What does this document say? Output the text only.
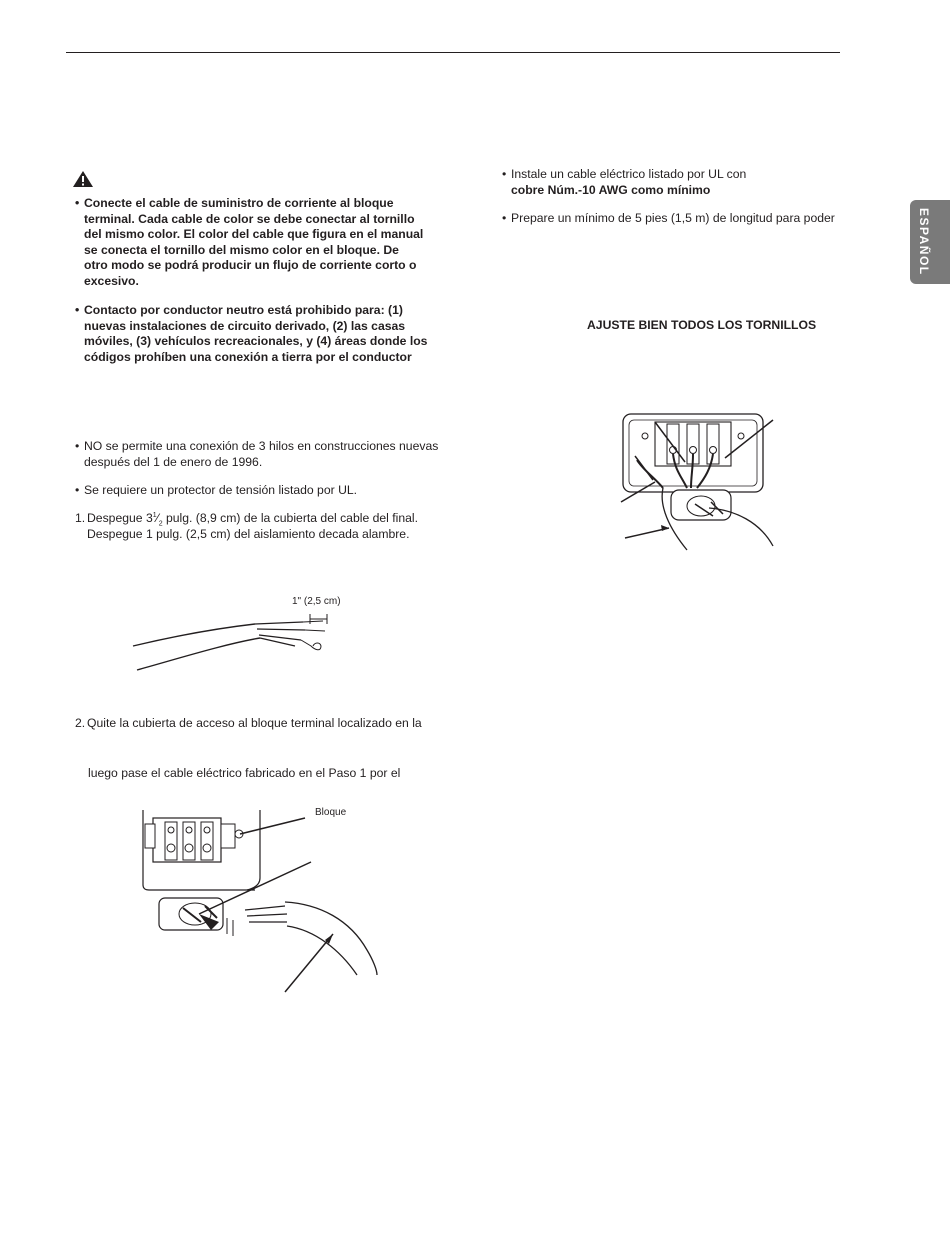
ESPAÑOL
• Conecte el cable de suministro de corriente al bloque
terminal. Cada cable de color se debe conectar al tornillo
del mismo color. El color del cable que figura en el manual
se conecta el tornillo del mismo color en el bloque. De
otro modo se podrá producir un flujo de corriente corto o
excesivo.
• Contacto por conductor neutro está prohibido para: (1)
nuevas instalaciones de circuito derivado, (2) las casas
móviles, (3) vehículos recreacionales, y (4) áreas donde los
códigos prohíben una conexión a tierra por el conductor
• NO se permite una conexión de 3 hilos en construcciones nuevas
después del 1 de enero de 1996.
• Se requiere un protector de tensión listado por UL.
1. Despegue $3^1⁄_2$ pulg. (8,9 cm) de la cubierta del cable del final.
Despegue 1 pulg. (2,5 cm) del aislamiento decada alambre.
1" (2,5 cm)
2. Quite la cubierta de acceso al bloque terminal localizado en la
luego pase el cable eléctrico fabricado en el Paso 1 por el
Bloque
• Instale un cable eléctrico listado por UL con
cobre Núm.-10 AWG como mínimo
• Prepare un mínimo de 5 pies (1,5 m) de longitud para poder
AJUSTE BIEN TODOS LOS TORNILLOS
